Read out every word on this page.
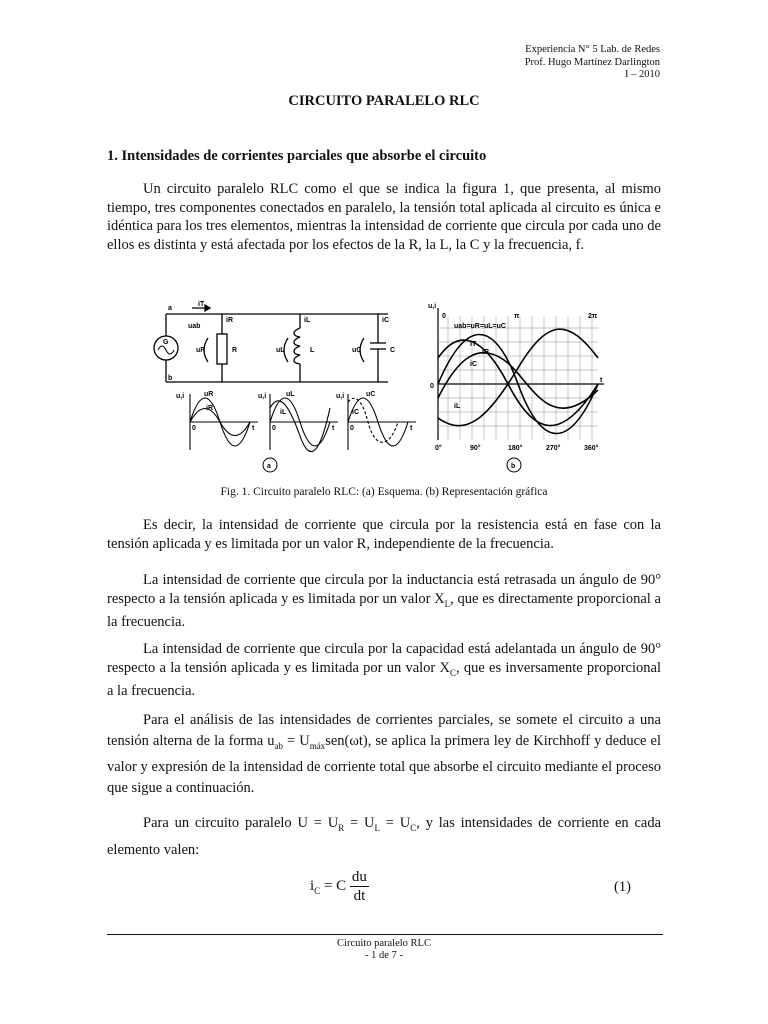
Experiencia N° 5 Lab. de Redes
Prof. Hugo Martínez Darlington
I – 2010
CIRCUITO PARALELO RLC
1. Intensidades de corrientes parciales que absorbe el circuito
Un circuito paralelo RLC como el que se indica la figura 1, que presenta, al mismo tiempo, tres componentes conectados en paralelo, la tensión total aplicada al circuito es única e idéntica para los tres elementos, mientras la intensidad de corriente que circula por cada uno de ellos es distinta y está afectada por los efectos de la R, la L, la C y la frecuencia, f.
a
b
G
iT
uab
iR
uR	R
iL
uL	L
iC
uC	C
u,i	uR
iR
0	t
u,i	uL
iL
0	t
u,i	uC
iC
0	t
a
u,i
0	π	2π
uab=uR=uL=uC
iT
iR
iC
iL
0
t
0°	90°	180°	270°	360°
b
Fig. 1. Circuito paralelo RLC: (a) Esquema. (b) Representación gráfica
Es decir, la intensidad de corriente que circula por la resistencia está en fase con la tensión aplicada y es limitada por un valor R, independiente de la frecuencia.
La intensidad de corriente que circula por la inductancia está retrasada un ángulo de 90° respecto a la tensión aplicada y es limitada por un valor $X_L$, que es directamente proporcional a la frecuencia.
La intensidad de corriente que circula por la capacidad está adelantada un ángulo de 90° respecto a la tensión aplicada y es limitada por un valor $X_C$, que es inversamente proporcional a la frecuencia.
Para el análisis de las intensidades de corrientes parciales, se somete el circuito a una tensión alterna de la forma $u_{ab} = U_{máx}sen(\omega t)$, se aplica la primera ley de Kirchhoff y deduce el valor y expresión de la intensidad de corriente total que absorbe el circuito mediante el proceso que sigue a continuación.
Para un circuito paralelo $U = U_R = U_L = U_C$, y las intensidades de corriente en cada elemento valen:
$i_C = C \frac{du}{dt}$	(1)
Circuito paralelo RLC
- 1 de 7 -
